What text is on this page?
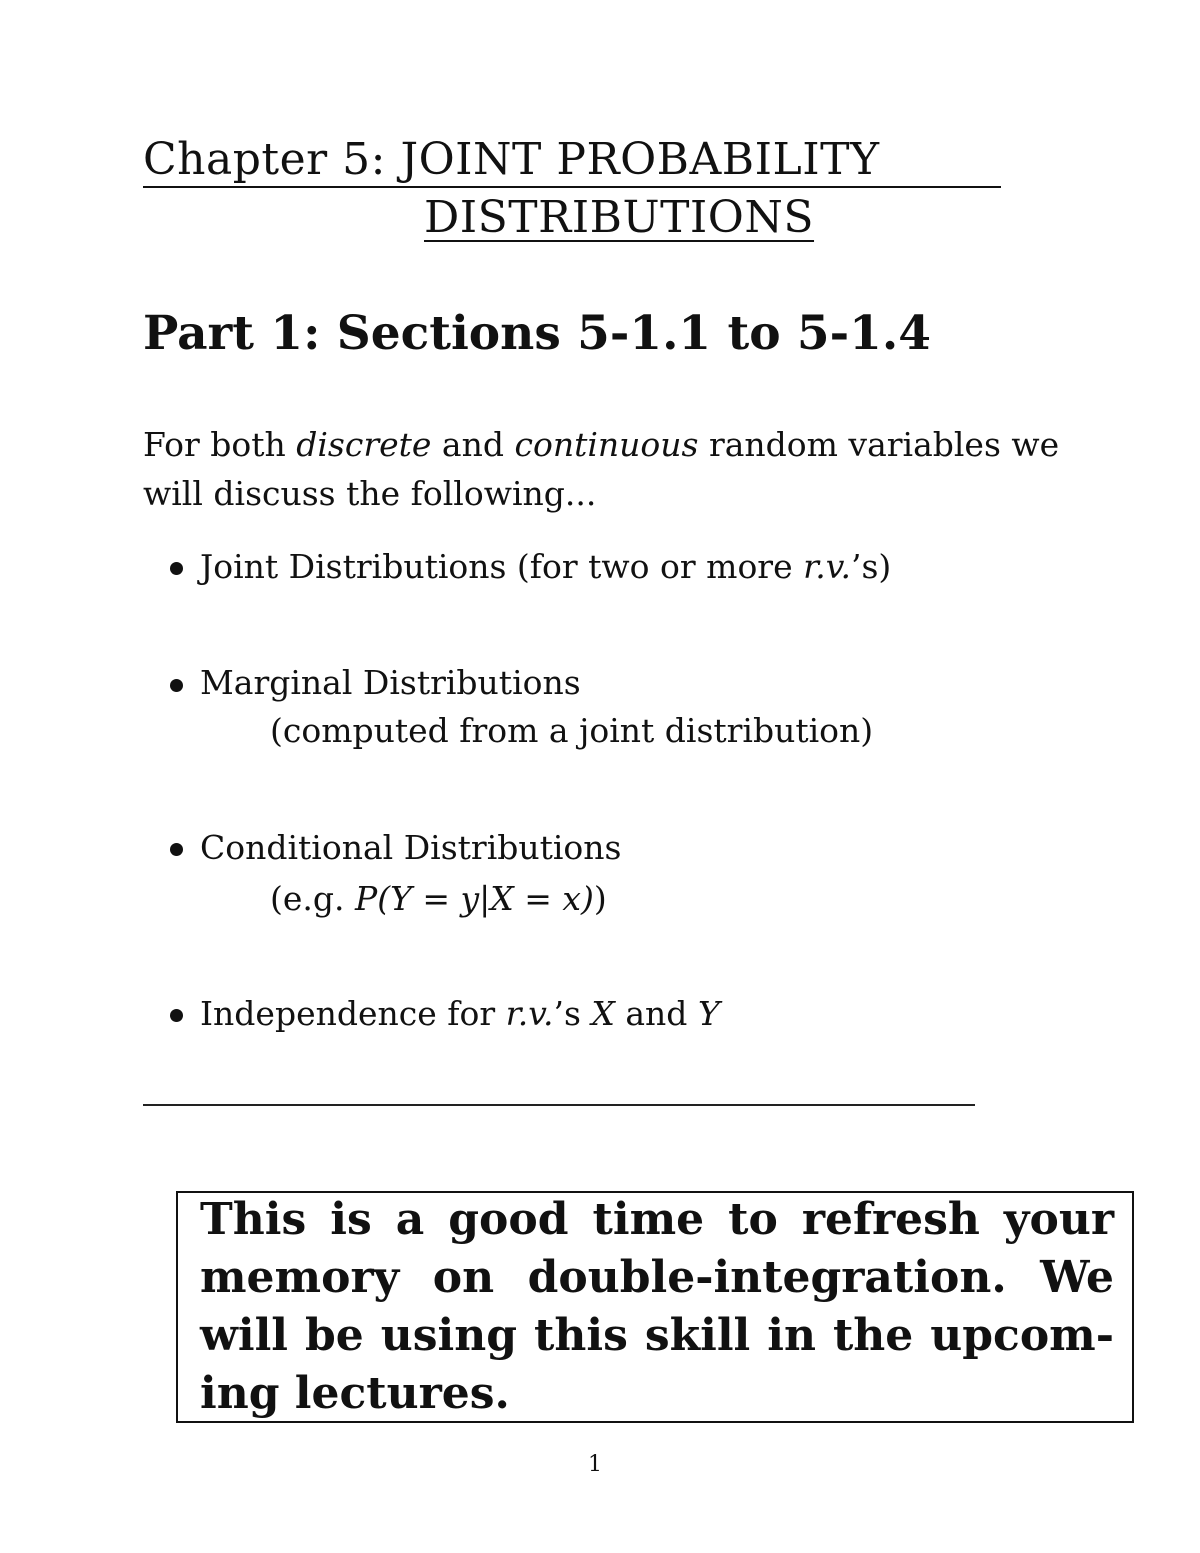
Chapter 5: JOINT PROBABILITY
DISTRIBUTIONS
Part 1: Sections 5-1.1 to 5-1.4
For both discrete and continuous random variables we
will discuss the following...
Joint Distributions (for two or more r.v.’s)
Marginal Distributions
(computed from a joint distribution)
Conditional Distributions
(e.g. P(Y = y|X = x))
Independence for r.v.’s X and Y
This is a good time to refresh your
memory on double-integration. We
will be using this skill in the upcom-
ing lectures.
1
